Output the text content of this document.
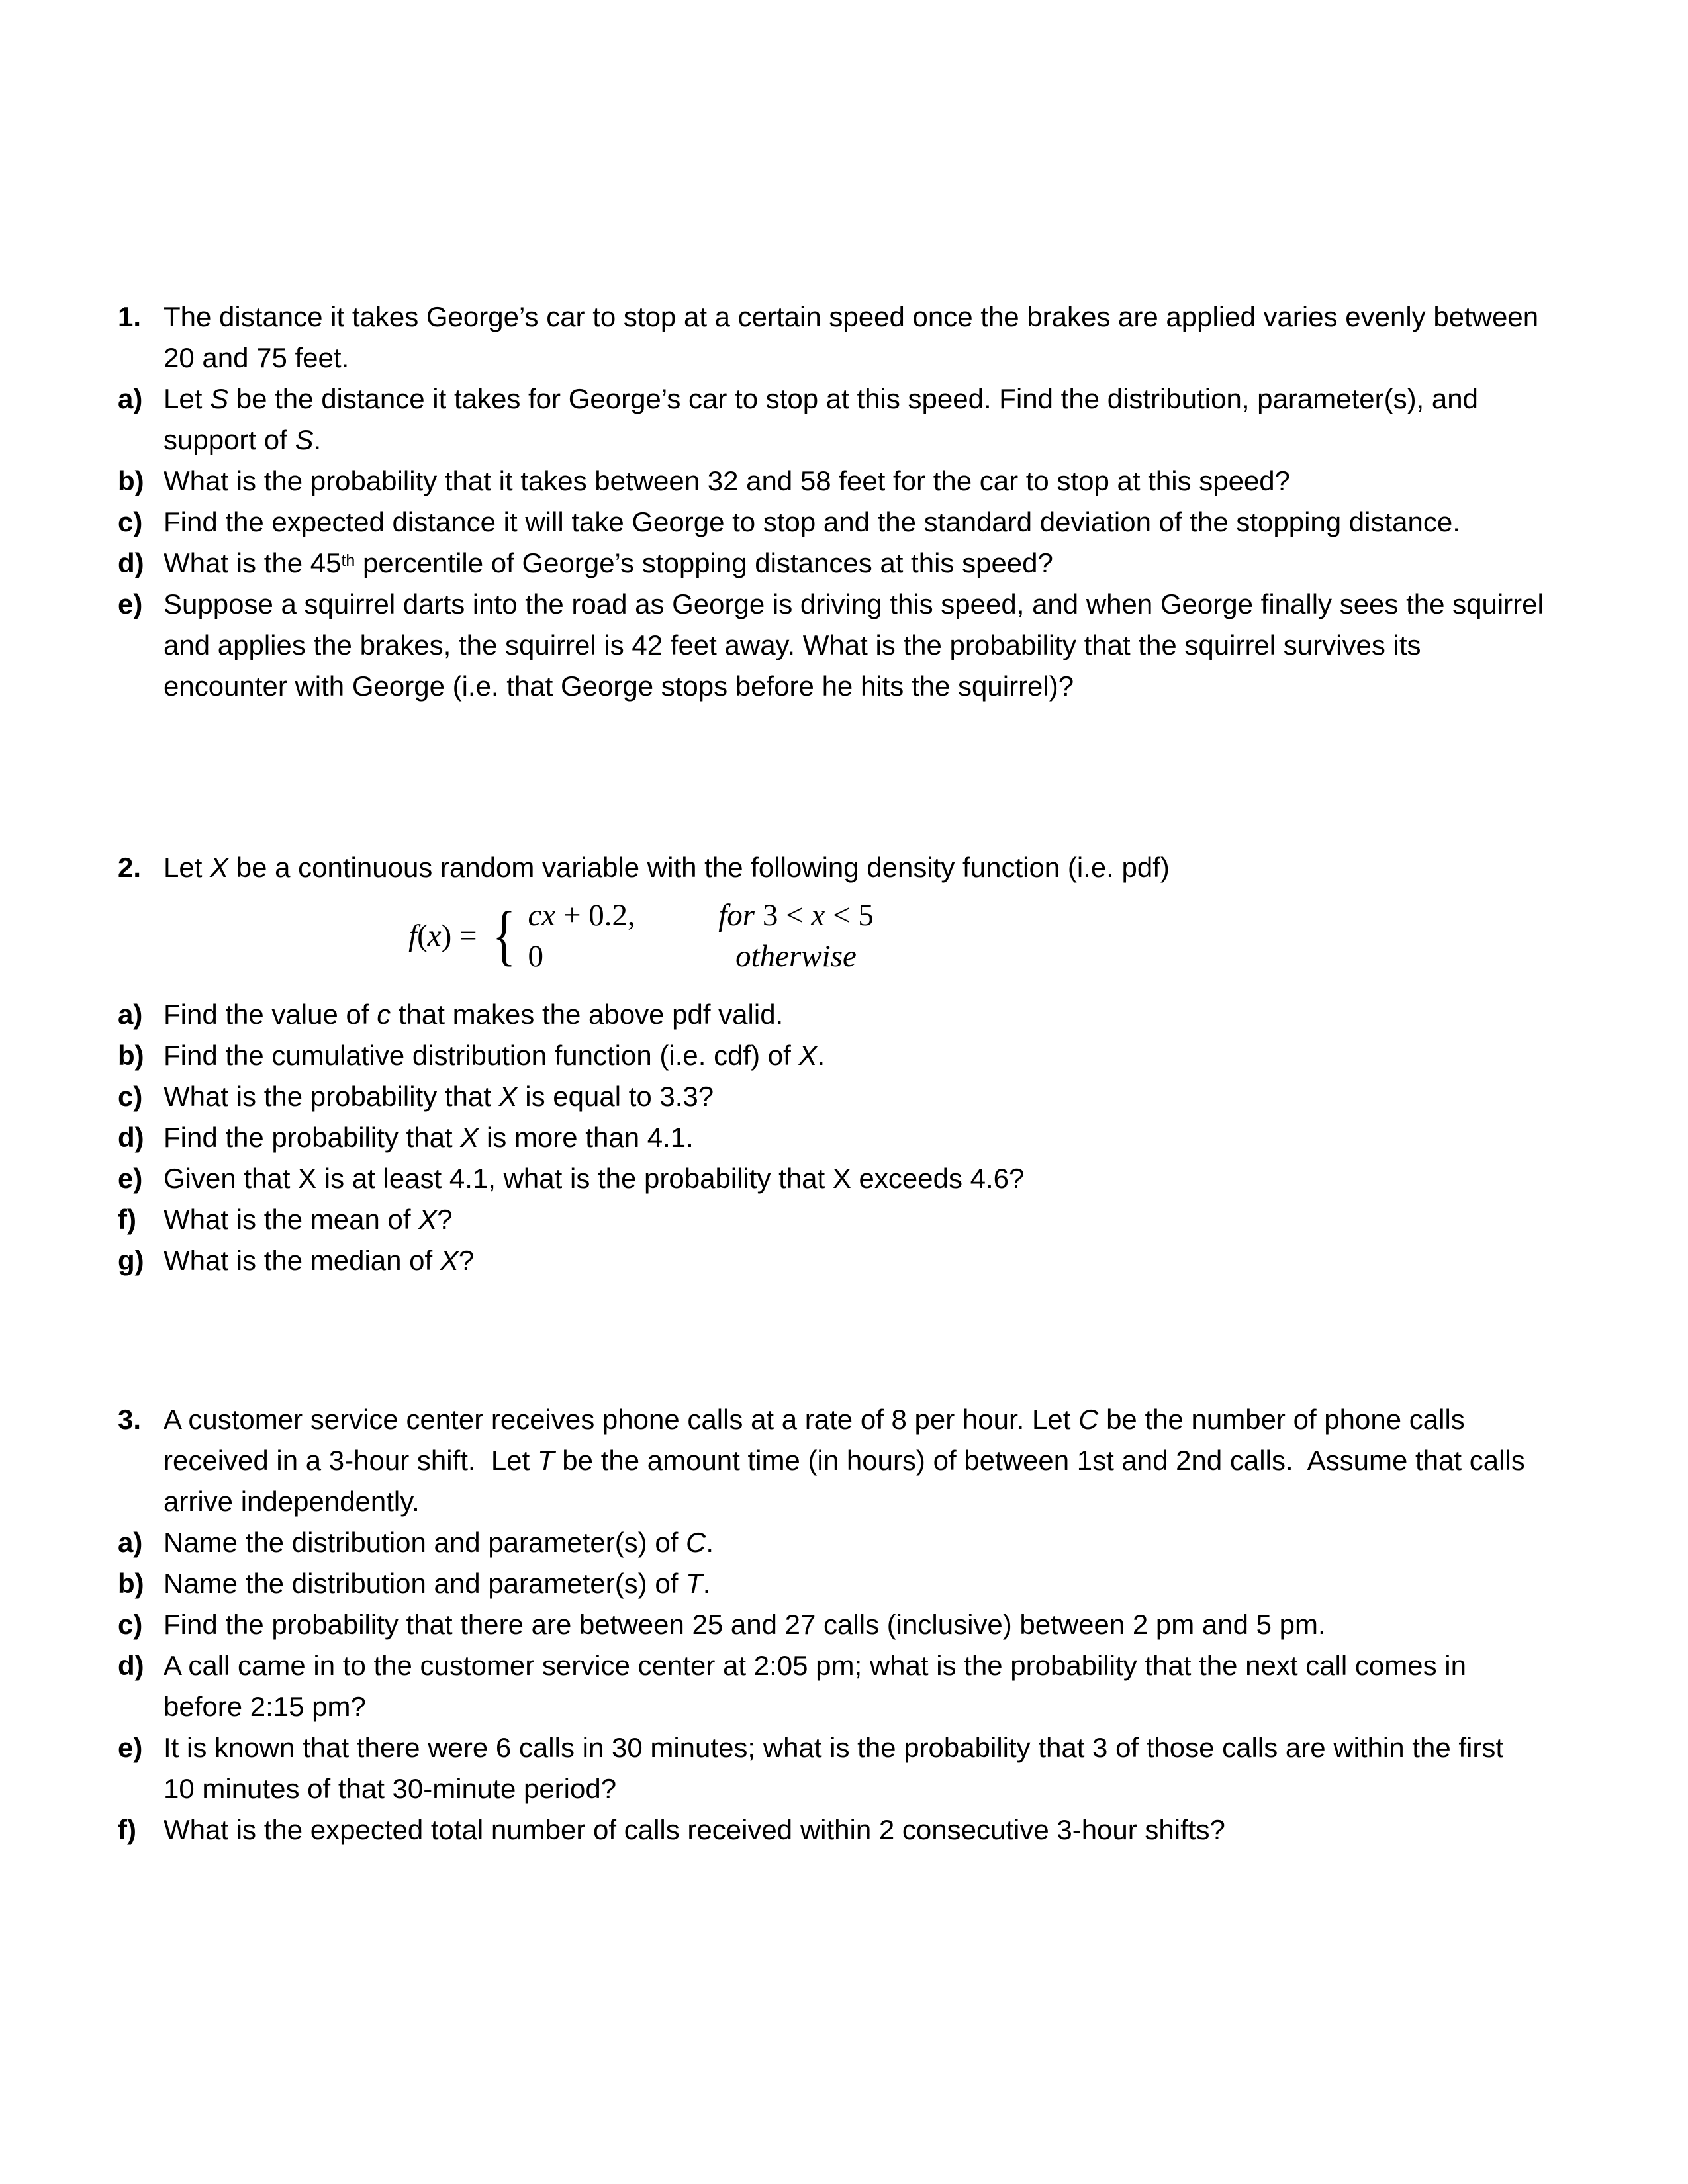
1. The distance it takes George’s car to stop at a certain speed once the brakes are applied varies evenly between
20 and 75 feet.
a) Let S be the distance it takes for George’s car to stop at this speed. Find the distribution, parameter(s), and
support of S.
b) What is the probability that it takes between 32 and 58 feet for the car to stop at this speed?
c) Find the expected distance it will take George to stop and the standard deviation of the stopping distance.
d) What is the 45th percentile of George’s stopping distances at this speed?
e) Suppose a squirrel darts into the road as George is driving this speed, and when George finally sees the squirrel
and applies the brakes, the squirrel is 42 feet away. What is the probability that the squirrel survives its
encounter with George (i.e. that George stops before he hits the squirrel)?
2. Let X be a continuous random variable with the following density function (i.e. pdf)
f(x) = { cx + 0.2,	for 3 < x < 5
0	otherwise
a) Find the value of c that makes the above pdf valid.
b) Find the cumulative distribution function (i.e. cdf) of X.
c) What is the probability that X is equal to 3.3?
d) Find the probability that X is more than 4.1.
e) Given that X is at least 4.1, what is the probability that X exceeds 4.6?
f) What is the mean of X?
g) What is the median of X?
3. A customer service center receives phone calls at a rate of 8 per hour. Let C be the number of phone calls
received in a 3-hour shift.  Let T be the amount time (in hours) of between 1st and 2nd calls.  Assume that calls
arrive independently.
a) Name the distribution and parameter(s) of C.
b) Name the distribution and parameter(s) of T.
c) Find the probability that there are between 25 and 27 calls (inclusive) between 2 pm and 5 pm.
d) A call came in to the customer service center at 2:05 pm; what is the probability that the next call comes in
before 2:15 pm?
e) It is known that there were 6 calls in 30 minutes; what is the probability that 3 of those calls are within the first
10 minutes of that 30-minute period?
f) What is the expected total number of calls received within 2 consecutive 3-hour shifts?
